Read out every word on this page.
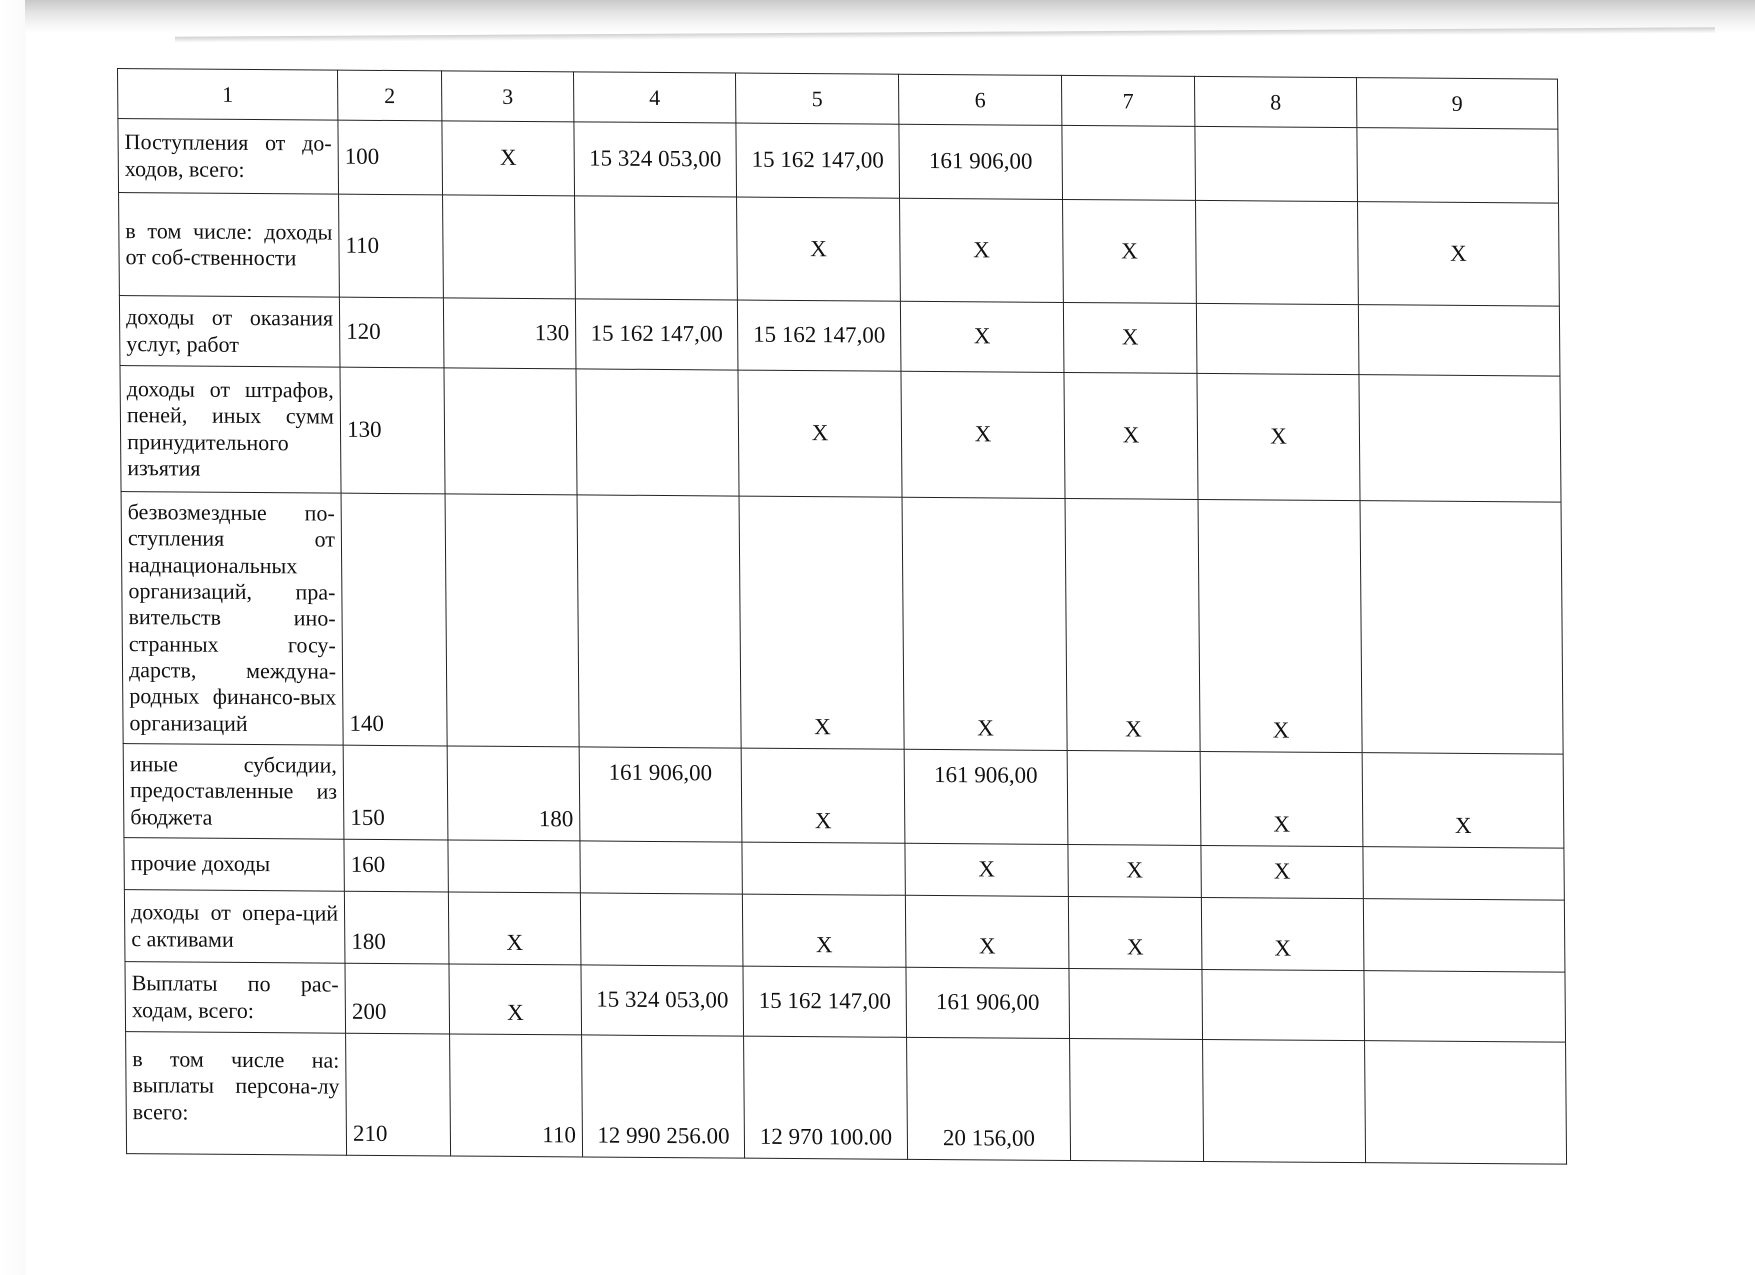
1	2	3	4	5	6	7	8	9
Поступления от до-ходов, всего:	100	X	15 324 053,00	15 162 147,00	161 906,00			
в том числе: доходы от соб-ственности	110			X	X	X		X
доходы от оказания услуг, работ	120	130	15 162 147,00	15 162 147,00	X	X		
доходы от штрафов, пеней, иных сумм принудительного изъятия	130			X	X	X	X	
безвозмездные по-ступления от наднациональных организаций, пра-вительств ино-странных госу-дарств, междуна-родных финансо-вых организаций	140			X	X	X	X	
иные субсидии, предоставленные из бюджета	150	180	161 906,00	X	161 906,00		X	X
прочие доходы	160				X	X	X	
доходы от опера-ций с активами	180	X		X	X	X	X	
Выплаты по рас-ходам, всего:	200	X	15 324 053,00	15 162 147,00	161 906,00			
в том числе на: выплаты персона-лу всего:	210	110	12 990 256.00	12 970 100.00	20 156,00			
